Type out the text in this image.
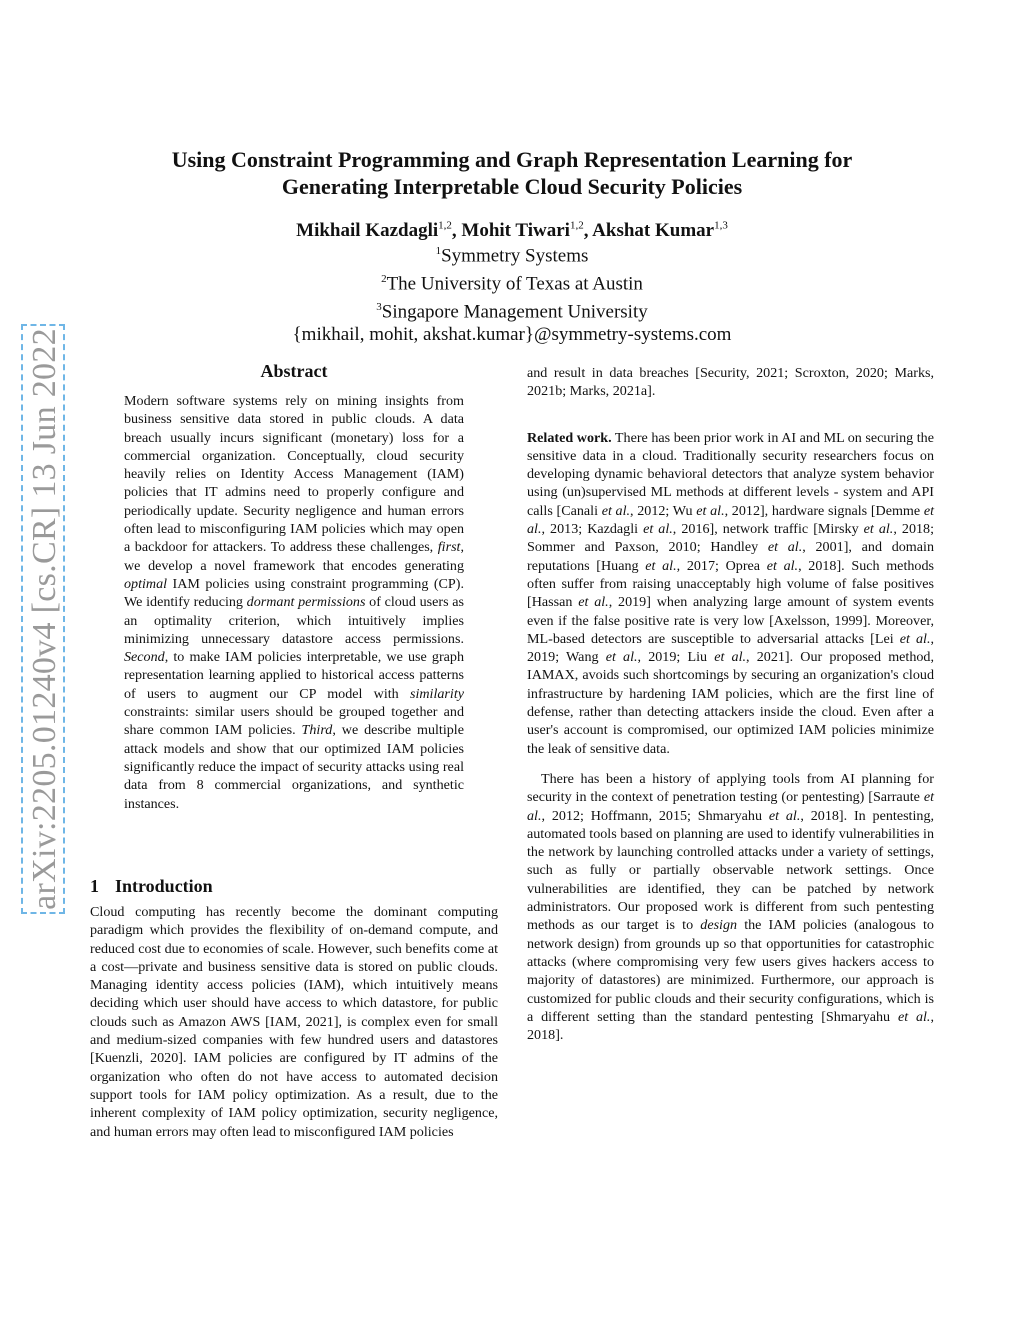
arXiv:2205.01240v4 [cs.CR] 13 Jun 2022
Using Constraint Programming and Graph Representation Learning for
Generating Interpretable Cloud Security Policies
Mikhail Kazdagli$^{1,2}$, Mohit Tiwari$^{1,2}$, Akshat Kumar$^{1,3}$
$^1$Symmetry Systems
$^2$The University of Texas at Austin
$^3$Singapore Management University
{mikhail, mohit, akshat.kumar}@symmetry-systems.com
Abstract
Modern software systems rely on mining insights from business sensitive data stored in public clouds. A data breach usually incurs significant (monetary) loss for a commercial organization. Conceptually, cloud security heavily relies on Identity Access Management (IAM) policies that IT admins need to properly configure and periodically update. Security negligence and human errors often lead to misconfiguring IAM policies which may open a backdoor for attackers. To address these challenges, first, we develop a novel framework that encodes generating optimal IAM policies using constraint programming (CP). We identify reducing dormant permissions of cloud users as an optimality criterion, which intuitively implies minimizing unnecessary datastore access permissions. Second, to make IAM policies interpretable, we use graph representation learning applied to historical access patterns of users to augment our CP model with similarity constraints: similar users should be grouped together and share common IAM policies. Third, we describe multiple attack models and show that our optimized IAM policies significantly reduce the impact of security attacks using real data from 8 commercial organizations, and synthetic instances.
1 Introduction
Cloud computing has recently become the dominant computing paradigm which provides the flexibility of on-demand compute, and reduced cost due to economies of scale. However, such benefits come at a cost—private and business sensitive data is stored on public clouds. Managing identity access policies (IAM), which intuitively means deciding which user should have access to which datastore, for public clouds such as Amazon AWS [IAM, 2021], is complex even for small and medium-sized companies with few hundred users and datastores [Kuenzli, 2020]. IAM policies are configured by IT admins of the organization who often do not have access to automated decision support tools for IAM policy optimization. As a result, due to the inherent complexity of IAM policy optimization, security negligence, and human errors may often lead to misconfigured IAM policies

and result in data breaches [Security, 2021; Scroxton, 2020; Marks, 2021b; Marks, 2021a].

Related work. There has been prior work in AI and ML on securing the sensitive data in a cloud. Traditionally security researchers focus on developing dynamic behavioral detectors that analyze system behavior using (un)supervised ML methods at different levels - system and API calls [Canali et al., 2012; Wu et al., 2012], hardware signals [Demme et al., 2013; Kazdagli et al., 2016], network traffic [Mirsky et al., 2018; Sommer and Paxson, 2010; Handley et al., 2001], and domain reputations [Huang et al., 2017; Oprea et al., 2018]. Such methods often suffer from raising unacceptably high volume of false positives [Hassan et al., 2019] when analyzing large amount of system events even if the false positive rate is very low [Axelsson, 1999]. Moreover, ML-based detectors are susceptible to adversarial attacks [Lei et al., 2019; Wang et al., 2019; Liu et al., 2021]. Our proposed method, IAMAX, avoids such shortcomings by securing an organization's cloud infrastructure by hardening IAM policies, which are the first line of defense, rather than detecting attackers inside the cloud. Even after a user's account is compromised, our optimized IAM policies minimize the leak of sensitive data.

There has been a history of applying tools from AI planning for security in the context of penetration testing (or pentesting) [Sarraute et al., 2012; Hoffmann, 2015; Shmaryahu et al., 2018]. In pentesting, automated tools based on planning are used to identify vulnerabilities in the network by launching controlled attacks under a variety of settings, such as fully or partially observable network settings. Once vulnerabilities are identified, they can be patched by network administrators. Our proposed work is different from such pentesting methods as our target is to design the IAM policies (analogous to network design) from grounds up so that opportunities for catastrophic attacks (where compromising very few users gives hackers access to majority of datastores) are minimized. Furthermore, our approach is customized for public clouds and their security configurations, which is a different setting than the standard pentesting [Shmaryahu et al., 2018].
